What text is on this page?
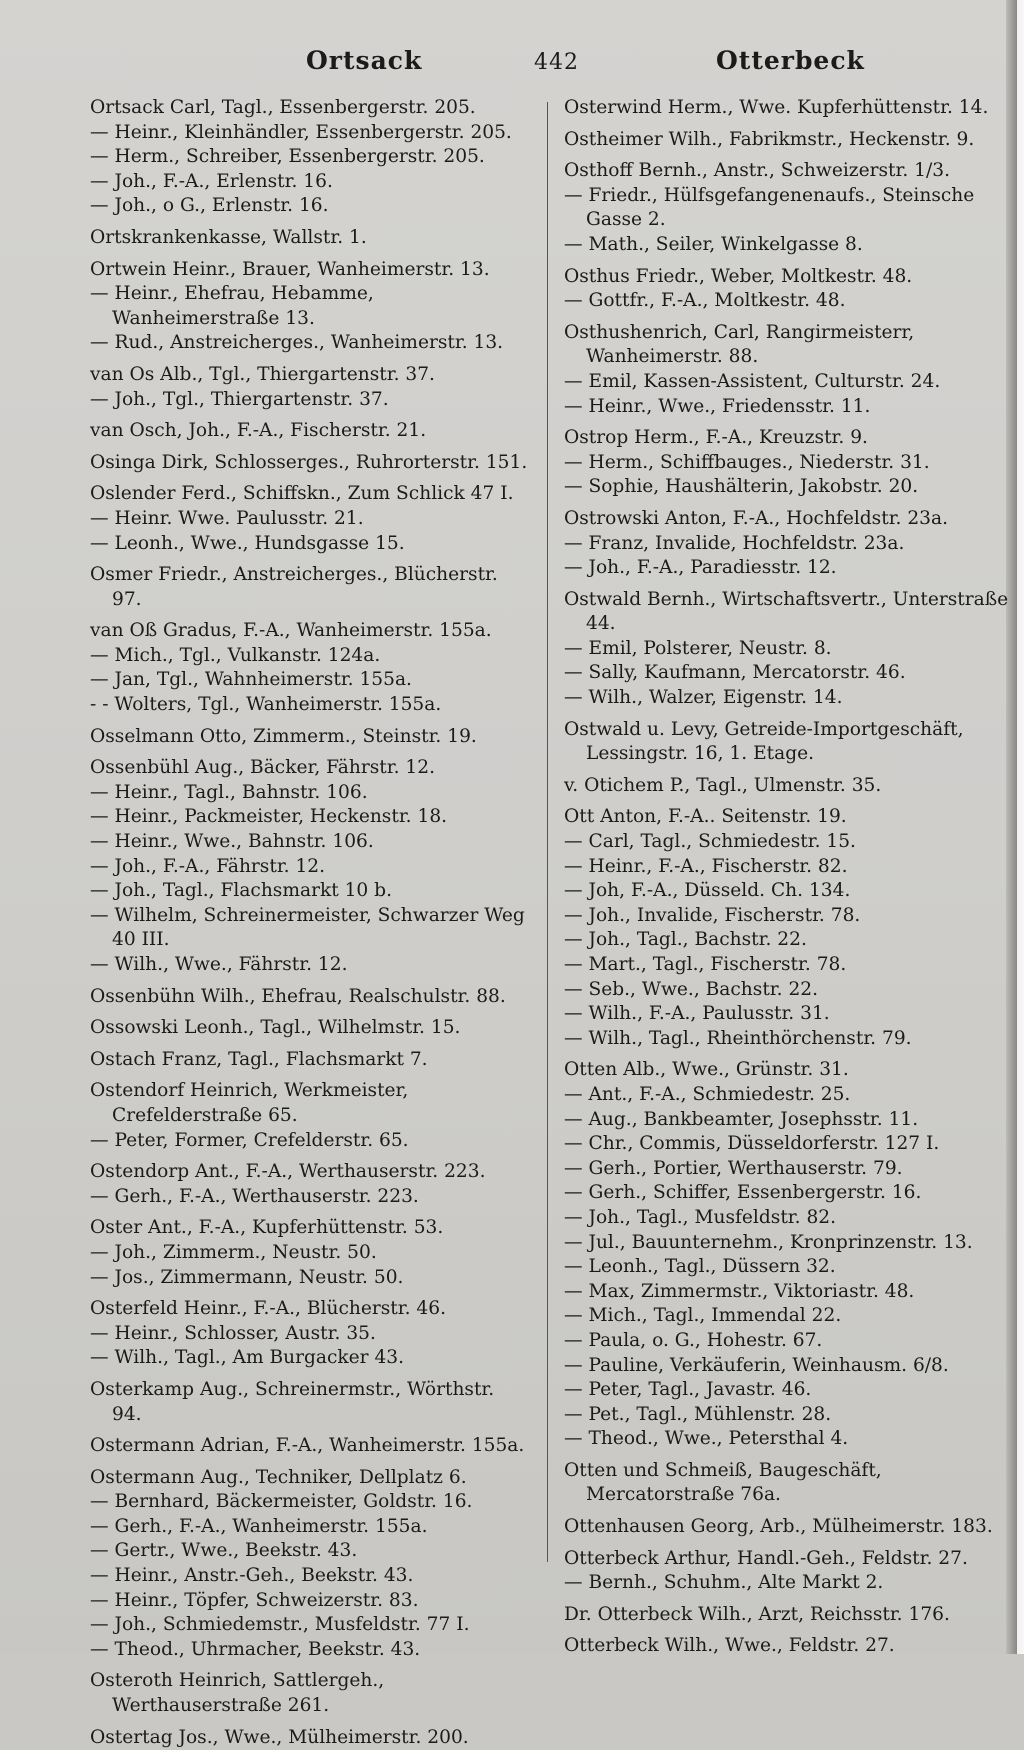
Ortsack	442	Otterbeck
Ortsack Carl, Tagl., Essenbergerstr. 205.
— Heinr., Kleinhändler, Essenbergerstr. 205.
— Herm., Schreiber, Essenbergerstr. 205.
— Joh., F.-A., Erlenstr. 16.
— Joh., o G., Erlenstr. 16.
Ortskrankenkasse, Wallstr. 1.
Ortwein Heinr., Brauer, Wanheimerstr. 13.
— Heinr., Ehefrau, Hebamme, Wanheimerstraße 13.
— Rud., Anstreicherges., Wanheimerstr. 13.
van Os Alb., Tgl., Thiergartenstr. 37.
— Joh., Tgl., Thiergartenstr. 37.
van Osch, Joh., F.-A., Fischerstr. 21.
Osinga Dirk, Schlosserges., Ruhrorterstr. 151.
Oslender Ferd., Schiffskn., Zum Schlick 47 I.
— Heinr. Wwe. Paulusstr. 21.
— Leonh., Wwe., Hundsgasse 15.
Osmer Friedr., Anstreicherges., Blücherstr. 97.
van Oß Gradus, F.-A., Wanheimerstr. 155a.
— Mich., Tgl., Vulkanstr. 124a.
— Jan, Tgl., Wahnheimerstr. 155a.
- - Wolters, Tgl., Wanheimerstr. 155a.
Osselmann Otto, Zimmerm., Steinstr. 19.
Ossenbühl Aug., Bäcker, Fährstr. 12.
— Heinr., Tagl., Bahnstr. 106.
— Heinr., Packmeister, Heckenstr. 18.
— Heinr., Wwe., Bahnstr. 106.
— Joh., F.-A., Fährstr. 12.
— Joh., Tagl., Flachsmarkt 10 b.
— Wilhelm, Schreinermeister, Schwarzer Weg 40 III.
— Wilh., Wwe., Fährstr. 12.
Ossenbühn Wilh., Ehefrau, Realschulstr. 88.
Ossowski Leonh., Tagl., Wilhelmstr. 15.
Ostach Franz, Tagl., Flachsmarkt 7.
Ostendorf Heinrich, Werkmeister, Crefelderstraße 65.
— Peter, Former, Crefelderstr. 65.
Ostendorp Ant., F.-A., Werthauserstr. 223.
— Gerh., F.-A., Werthauserstr. 223.
Oster Ant., F.-A., Kupferhüttenstr. 53.
— Joh., Zimmerm., Neustr. 50.
— Jos., Zimmermann, Neustr. 50.
Osterfeld Heinr., F.-A., Blücherstr. 46.
— Heinr., Schlosser, Austr. 35.
— Wilh., Tagl., Am Burgacker 43.
Osterkamp Aug., Schreinermstr., Wörthstr. 94.
Ostermann Adrian, F.-A., Wanheimerstr. 155a.
Ostermann Aug., Techniker, Dellplatz 6.
— Bernhard, Bäckermeister, Goldstr. 16.
— Gerh., F.-A., Wanheimerstr. 155a.
— Gertr., Wwe., Beekstr. 43.
— Heinr., Anstr.-Geh., Beekstr. 43.
— Heinr., Töpfer, Schweizerstr. 83.
— Joh., Schmiedemstr., Musfeldstr. 77 I.
— Theod., Uhrmacher, Beekstr. 43.
Osteroth Heinrich, Sattlergeh., Werthauserstraße 261.
Ostertag Jos., Wwe., Mülheimerstr. 200.
Osterwind Herm., Wwe. Kupferhüttenstr. 14.
Ostheimer Wilh., Fabrikmstr., Heckenstr. 9.
Osthoff Bernh., Anstr., Schweizerstr. 1/3.
— Friedr., Hülfsgefangenenaufs., Steinsche Gasse 2.
— Math., Seiler, Winkelgasse 8.
Osthus Friedr., Weber, Moltkestr. 48.
— Gottfr., F.-A., Moltkestr. 48.
Osthushenrich, Carl, Rangirmeisterr, Wanheimerstr. 88.
— Emil, Kassen-Assistent, Culturstr. 24.
— Heinr., Wwe., Friedensstr. 11.
Ostrop Herm., F.-A., Kreuzstr. 9.
— Herm., Schiffbauges., Niederstr. 31.
— Sophie, Haushälterin, Jakobstr. 20.
Ostrowski Anton, F.-A., Hochfeldstr. 23a.
— Franz, Invalide, Hochfeldstr. 23a.
— Joh., F.-A., Paradiesstr. 12.
Ostwald Bernh., Wirtschaftsvertr., Unterstraße 44.
— Emil, Polsterer, Neustr. 8.
— Sally, Kaufmann, Mercatorstr. 46.
— Wilh., Walzer, Eigenstr. 14.
Ostwald u. Levy, Getreide-Importgeschäft, Lessingstr. 16, 1. Etage.
v. Otichem P., Tagl., Ulmenstr. 35.
Ott Anton, F.-A.. Seitenstr. 19.
— Carl, Tagl., Schmiedestr. 15.
— Heinr., F.-A., Fischerstr. 82.
— Joh, F.-A., Düsseld. Ch. 134.
— Joh., Invalide, Fischerstr. 78.
— Joh., Tagl., Bachstr. 22.
— Mart., Tagl., Fischerstr. 78.
— Seb., Wwe., Bachstr. 22.
— Wilh., F.-A., Paulusstr. 31.
— Wilh., Tagl., Rheinthörchenstr. 79.
Otten Alb., Wwe., Grünstr. 31.
— Ant., F.-A., Schmiedestr. 25.
— Aug., Bankbeamter, Josephsstr. 11.
— Chr., Commis, Düsseldorferstr. 127 I.
— Gerh., Portier, Werthauserstr. 79.
— Gerh., Schiffer, Essenbergerstr. 16.
— Joh., Tagl., Musfeldstr. 82.
— Jul., Bauunternehm., Kronprinzenstr. 13.
— Leonh., Tagl., Düssern 32.
— Max, Zimmermstr., Viktoriastr. 48.
— Mich., Tagl., Immendal 22.
— Paula, o. G., Hohestr. 67.
— Pauline, Verkäuferin, Weinhausm. 6/8.
— Peter, Tagl., Javastr. 46.
— Pet., Tagl., Mühlenstr. 28.
— Theod., Wwe., Petersthal 4.
Otten und Schmeiß, Baugeschäft, Mercatorstraße 76a.
Ottenhausen Georg, Arb., Mülheimerstr. 183.
Otterbeck Arthur, Handl.-Geh., Feldstr. 27.
— Bernh., Schuhm., Alte Markt 2.
Dr. Otterbeck Wilh., Arzt, Reichsstr. 176.
Otterbeck Wilh., Wwe., Feldstr. 27.
